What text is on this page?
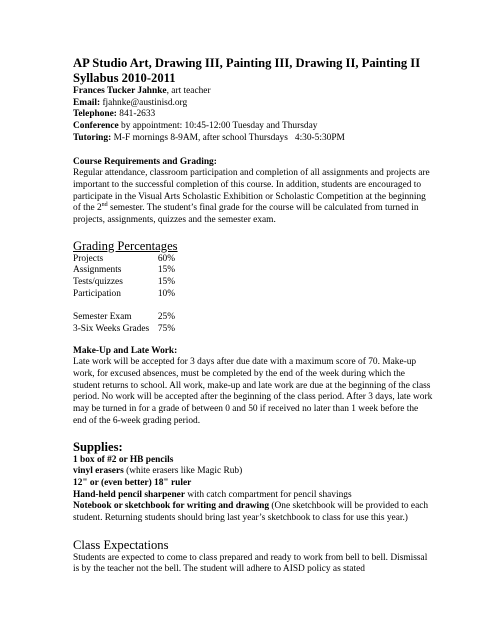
AP Studio Art, Drawing III, Painting III, Drawing II, Painting II
Syllabus 2010-2011
Frances Tucker Jahnke, art teacher
Email: fjahnke@austinisd.org
Telephone: 841-2633
Conference by appointment: 10:45-12:00 Tuesday and Thursday
Tutoring: M-F mornings 8-9AM, after school Thursdays   4:30-5:30PM
Course Requirements and Grading:
Regular attendance, classroom participation and completion of all assignments and projects are important to the successful completion of this course. In addition, students are encouraged to participate in the Visual Arts Scholastic Exhibition or Scholastic Competition at the beginning of the 2nd semester. The student’s final grade for the course will be calculated from turned in projects, assignments, quizzes and the semester exam.
Grading Percentages
Projects	60%
Assignments	15%
Tests/quizzes	15%
Participation	10%
Semester Exam	25%
3-Six Weeks Grades 75%
Make-Up and Late Work:
Late work will be accepted for 3 days after due date with a maximum score of 70. Make-up work, for excused absences, must be completed by the end of the week during which the student returns to school. All work, make-up and late work are due at the beginning of the class period. No work will be accepted after the beginning of the class period. After 3 days, late work may be turned in for a grade of between 0 and 50 if received no later than 1 week before the end of the 6-week grading period.
Supplies:
1 box of #2 or HB pencils
vinyl erasers (white erasers like Magic Rub)
12" or (even better) 18" ruler
Hand-held pencil sharpener with catch compartment for pencil shavings
Notebook or sketchbook for writing and drawing (One sketchbook will be provided to each student. Returning students should bring last year’s sketchbook to class for use this year.)
Class Expectations
Students are expected to come to class prepared and ready to work from bell to bell. Dismissal is by the teacher not the bell. The student will adhere to AISD policy as stated
